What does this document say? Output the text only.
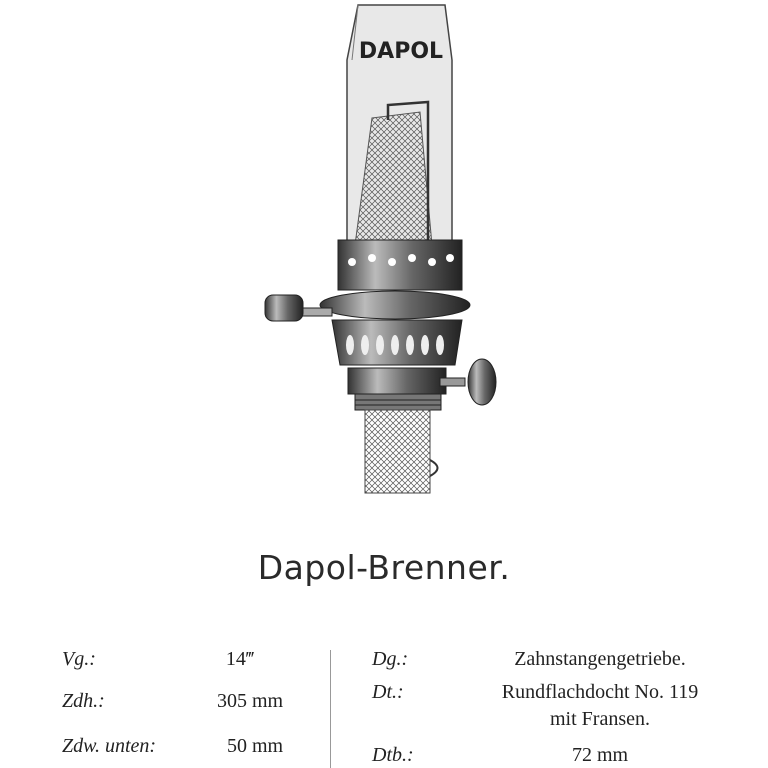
DAPOL
Dapol-Brenner.
Vg.:	14‴
Zdh.:	305 mm
Zdw. unten:	50 mm
Dg.:	Zahnstangengetriebe.
Dt.:	Rundflachdocht No. 119
mit Fransen.
Dtb.:	72 mm
